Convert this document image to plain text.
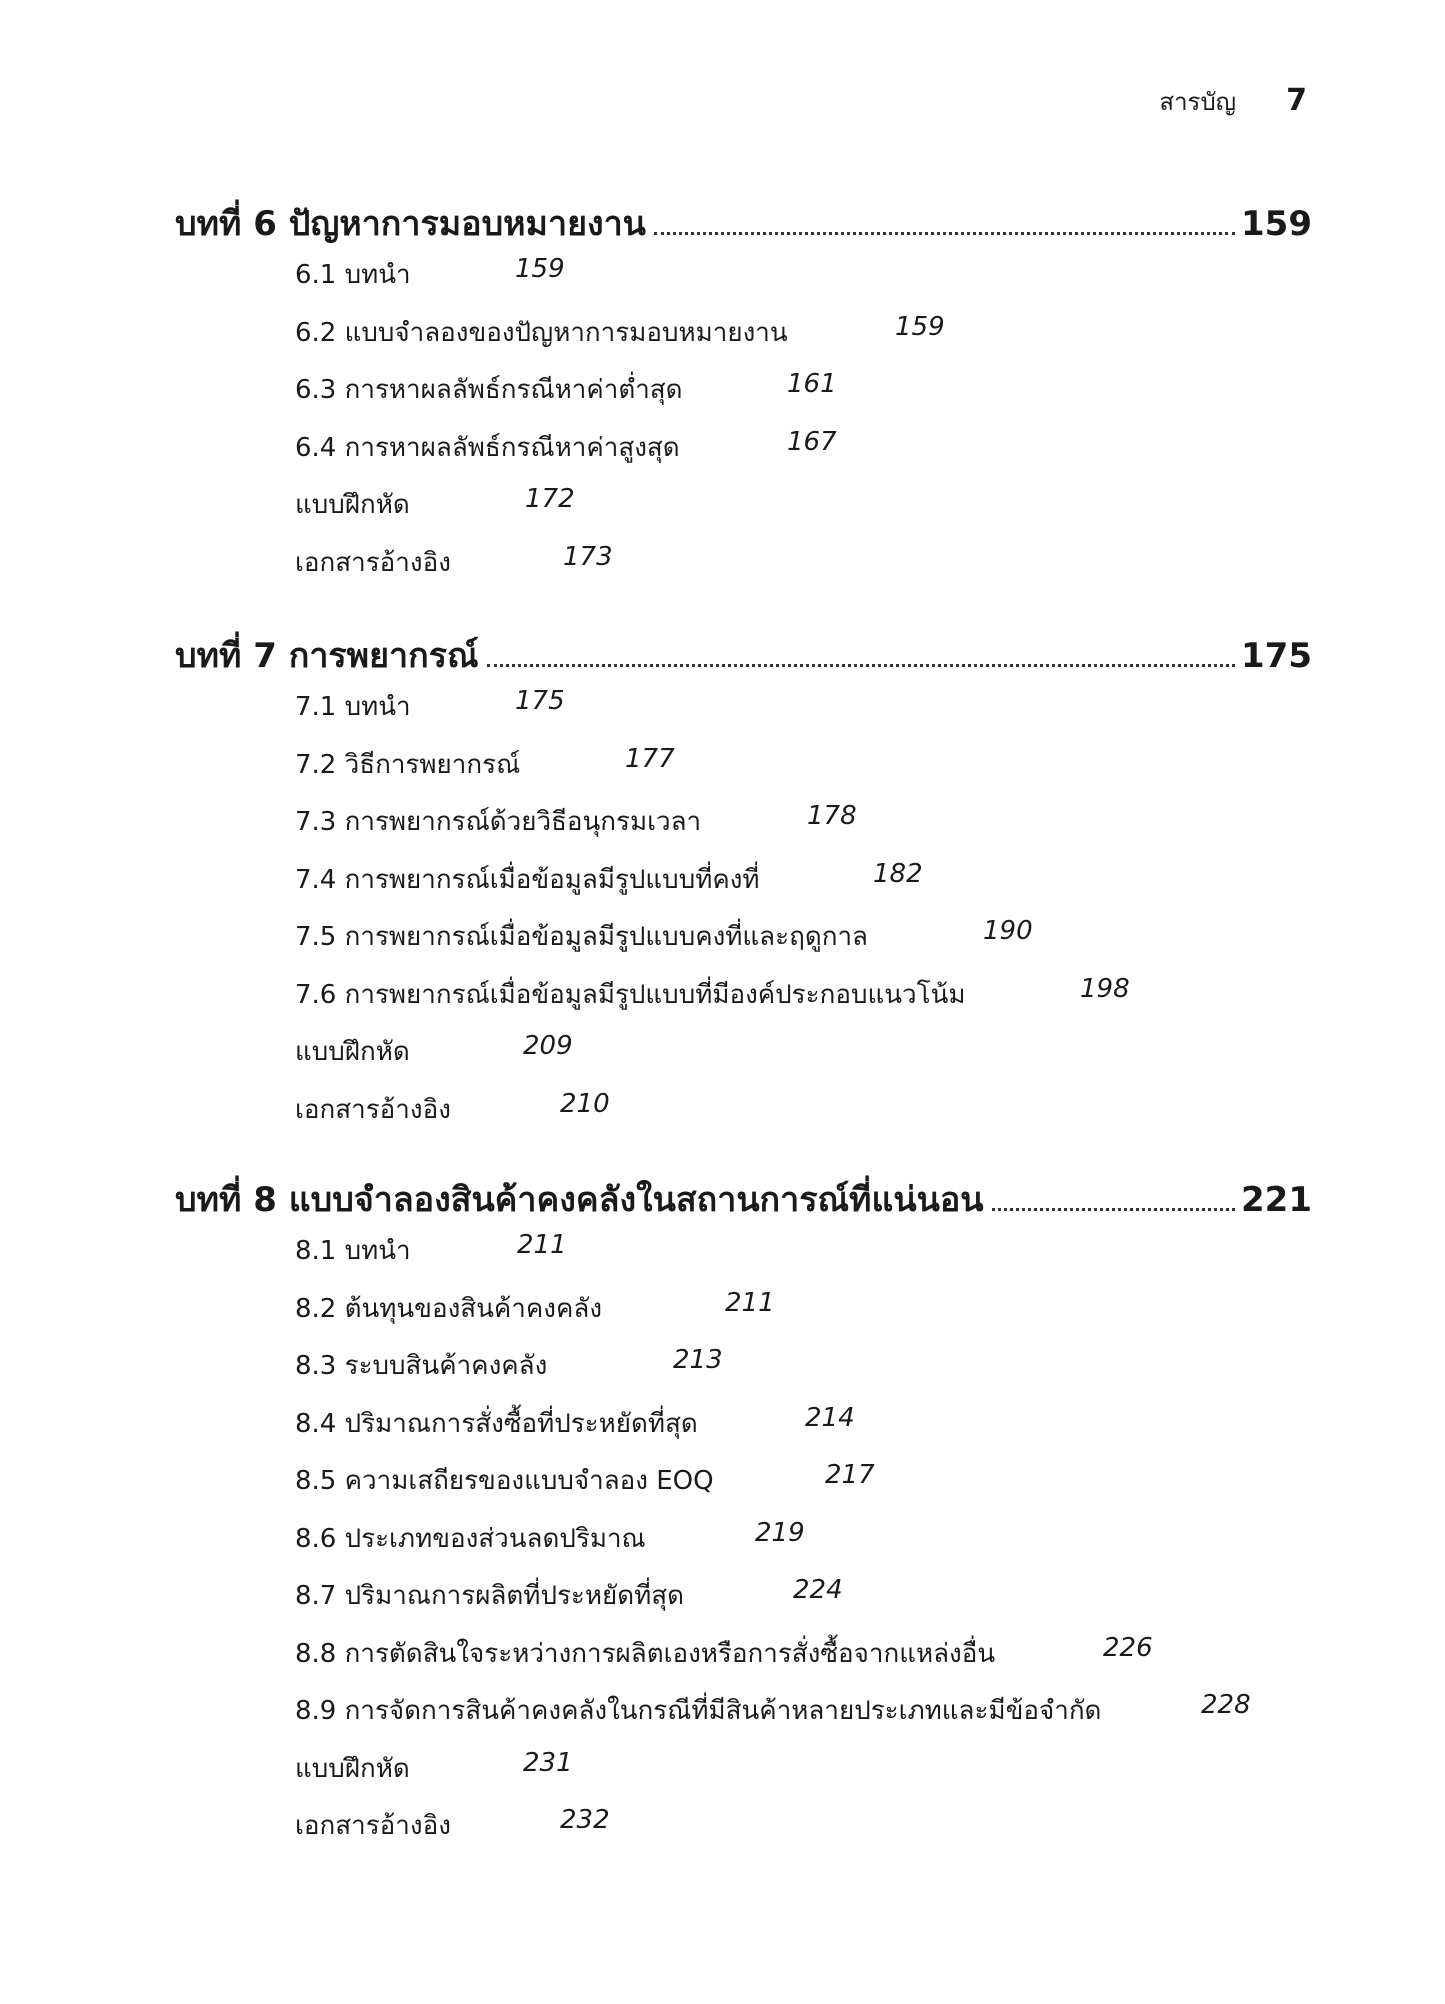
สารบัญ 7
บทที่ 6 ปัญหาการมอบหมายงาน	159
6.1 บทนำ	159
6.2 แบบจำลองของปัญหาการมอบหมายงาน	159
6.3 การหาผลลัพธ์กรณีหาค่าต่ำสุด	161
6.4 การหาผลลัพธ์กรณีหาค่าสูงสุด	167
แบบฝึกหัด	172
เอกสารอ้างอิง	173
บทที่ 7 การพยากรณ์	175
7.1 บทนำ	175
7.2 วิธีการพยากรณ์	177
7.3 การพยากรณ์ด้วยวิธีอนุกรมเวลา	178
7.4 การพยากรณ์เมื่อข้อมูลมีรูปแบบที่คงที่	182
7.5 การพยากรณ์เมื่อข้อมูลมีรูปแบบคงที่และฤดูกาล	190
7.6 การพยากรณ์เมื่อข้อมูลมีรูปแบบที่มีองค์ประกอบแนวโน้ม	198
แบบฝึกหัด	209
เอกสารอ้างอิง	210
บทที่ 8 แบบจำลองสินค้าคงคลังในสถานการณ์ที่แน่นอน	221
8.1 บทนำ	211
8.2 ต้นทุนของสินค้าคงคลัง	211
8.3 ระบบสินค้าคงคลัง	213
8.4 ปริมาณการสั่งซื้อที่ประหยัดที่สุด	214
8.5 ความเสถียรของแบบจำลอง EOQ	217
8.6 ประเภทของส่วนลดปริมาณ	219
8.7 ปริมาณการผลิตที่ประหยัดที่สุด	224
8.8 การตัดสินใจระหว่างการผลิตเองหรือการสั่งซื้อจากแหล่งอื่น	226
8.9 การจัดการสินค้าคงคลังในกรณีที่มีสินค้าหลายประเภทและมีข้อจำกัด	228
แบบฝึกหัด	231
เอกสารอ้างอิง	232
